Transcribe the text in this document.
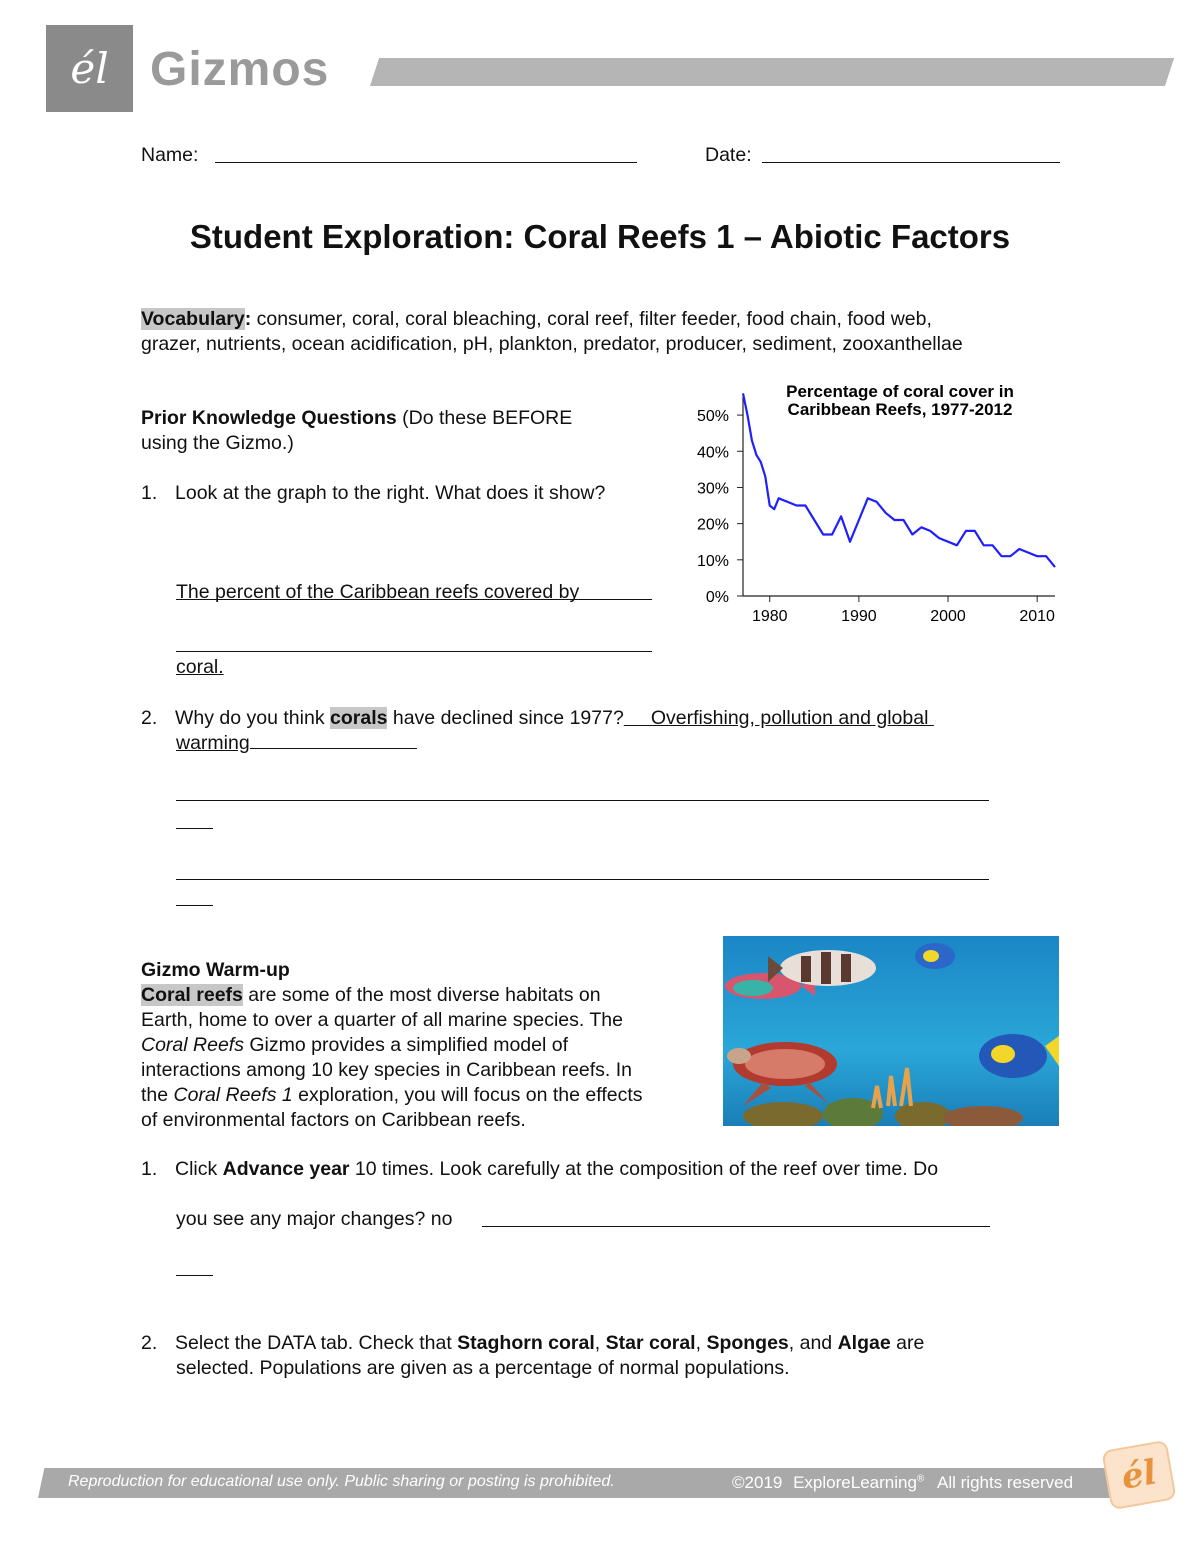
él Gizmos
Name:	Date:
Student Exploration: Coral Reefs 1 – Abiotic Factors
Vocabulary: consumer, coral, coral bleaching, coral reef, filter feeder, food chain, food web,
grazer, nutrients, ocean acidification, pH, plankton, predator, producer, sediment, zooxanthellae
Prior Knowledge Questions (Do these BEFORE
using the Gizmo.)
1. Look at the graph to the right. What does it show?

The percent of the Caribbean reefs covered by

coral.

Percentage of coral cover in
Caribbean Reefs, 1977-2012
0%
10%
20%
30%
40%
50%
1980	1990	2000	2010
2. Why do you think corals have declined since 1977?     Overfishing, pollution and global
warming
Gizmo Warm-up
Coral reefs are some of the most diverse habitats on
Earth, home to over a quarter of all marine species. The
Coral Reefs Gizmo provides a simplified model of
interactions among 10 key species in Caribbean reefs. In
the Coral Reefs 1 exploration, you will focus on the effects
of environmental factors on Caribbean reefs.
1. Click Advance year 10 times. Look carefully at the composition of the reef over time. Do
you see any major changes? no
2. Select the DATA tab. Check that Staghorn coral, Star coral, Sponges, and Algae are
selected. Populations are given as a percentage of normal populations.
Reproduction for educational use only. Public sharing or posting is prohibited.	©2019 ExploreLearning® All rights reserved	él
